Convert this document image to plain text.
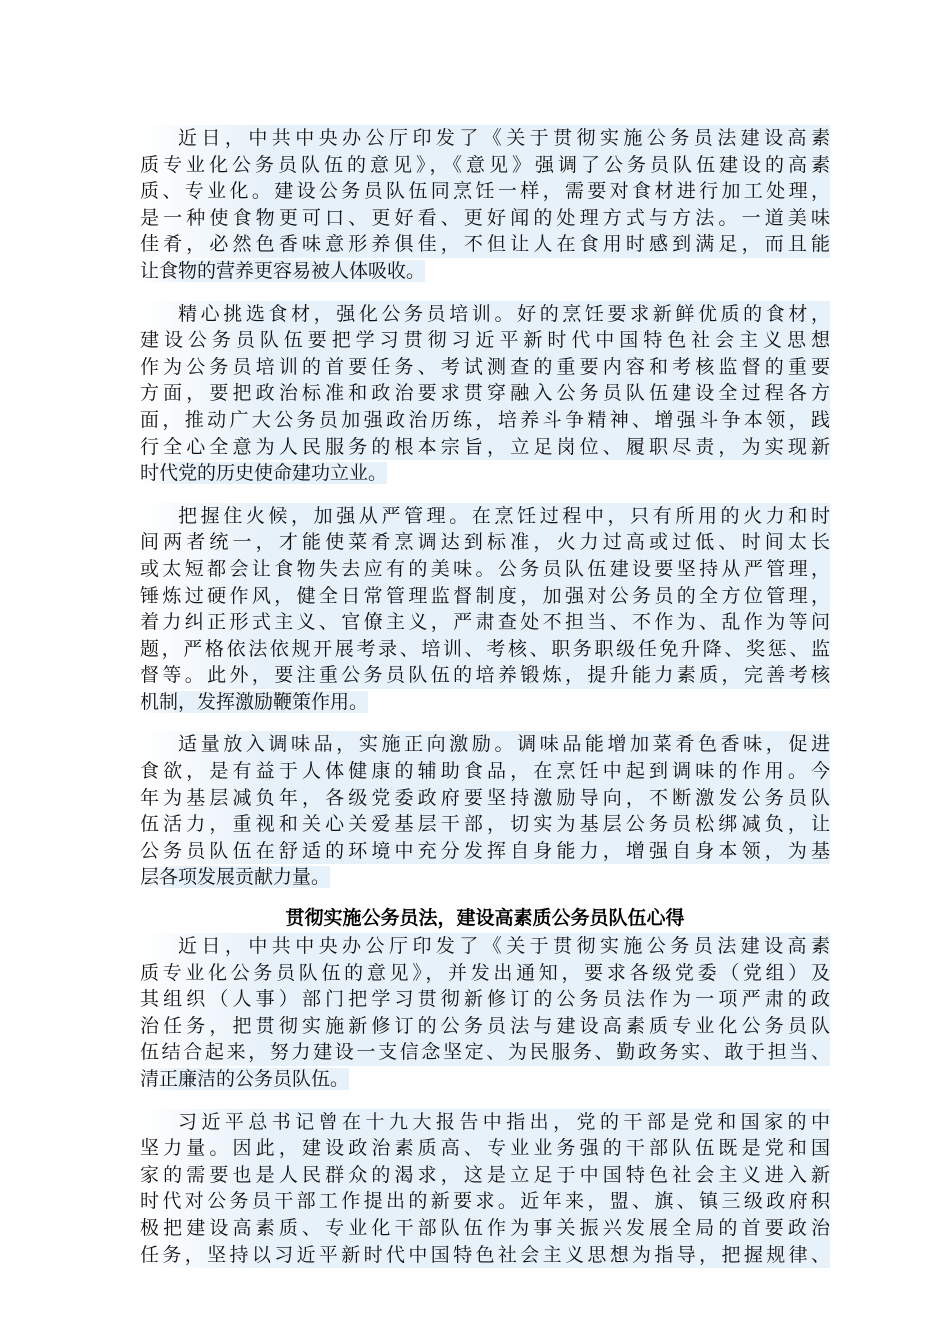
近日，中共中央办公厅印发了《关于贯彻实施公务员法建设高素
质专业化公务员队伍的意见》，《意见》强调了公务员队伍建设的高素
质、专业化。建设公务员队伍同烹饪一样，需要对食材进行加工处理，
是一种使食物更可口、更好看、更好闻的处理方式与方法。一道美味
佳肴，必然色香味意形养俱佳，不但让人在食用时感到满足，而且能
让食物的营养更容易被人体吸收。
精心挑选食材，强化公务员培训。好的烹饪要求新鲜优质的食材，
建设公务员队伍要把学习贯彻习近平新时代中国特色社会主义思想
作为公务员培训的首要任务、考试测查的重要内容和考核监督的重要
方面，要把政治标准和政治要求贯穿融入公务员队伍建设全过程各方
面，推动广大公务员加强政治历练，培养斗争精神、增强斗争本领，践
行全心全意为人民服务的根本宗旨，立足岗位、履职尽责，为实现新
时代党的历史使命建功立业。
把握住火候，加强从严管理。在烹饪过程中，只有所用的火力和时
间两者统一，才能使菜肴烹调达到标准，火力过高或过低、时间太长
或太短都会让食物失去应有的美味。公务员队伍建设要坚持从严管理，
锤炼过硬作风，健全日常管理监督制度，加强对公务员的全方位管理，
着力纠正形式主义、官僚主义，严肃查处不担当、不作为、乱作为等问
题，严格依法依规开展考录、培训、考核、职务职级任免升降、奖惩、监
督等。此外，要注重公务员队伍的培养锻炼，提升能力素质，完善考核
机制，发挥激励鞭策作用。
适量放入调味品，实施正向激励。调味品能增加菜肴色香味，促进
食欲，是有益于人体健康的辅助食品，在烹饪中起到调味的作用。今
年为基层减负年，各级党委政府要坚持激励导向，不断激发公务员队
伍活力，重视和关心关爱基层干部，切实为基层公务员松绑减负，让
公务员队伍在舒适的环境中充分发挥自身能力，增强自身本领，为基
层各项发展贡献力量。
贯彻实施公务员法，建设高素质公务员队伍心得
近日，中共中央办公厅印发了《关于贯彻实施公务员法建设高素
质专业化公务员队伍的意见》，并发出通知，要求各级党委（党组）及
其组织（人事）部门把学习贯彻新修订的公务员法作为一项严肃的政
治任务，把贯彻实施新修订的公务员法与建设高素质专业化公务员队
伍结合起来，努力建设一支信念坚定、为民服务、勤政务实、敢于担当、
清正廉洁的公务员队伍。
习近平总书记曾在十九大报告中指出，党的干部是党和国家的中
坚力量。因此，建设政治素质高、专业业务强的干部队伍既是党和国
家的需要也是人民群众的渴求，这是立足于中国特色社会主义进入新
时代对公务员干部工作提出的新要求。近年来，盟、旗、镇三级政府积
极把建设高素质、专业化干部队伍作为事关振兴发展全局的首要政治
任务，坚持以习近平新时代中国特色社会主义思想为指导，把握规律、
